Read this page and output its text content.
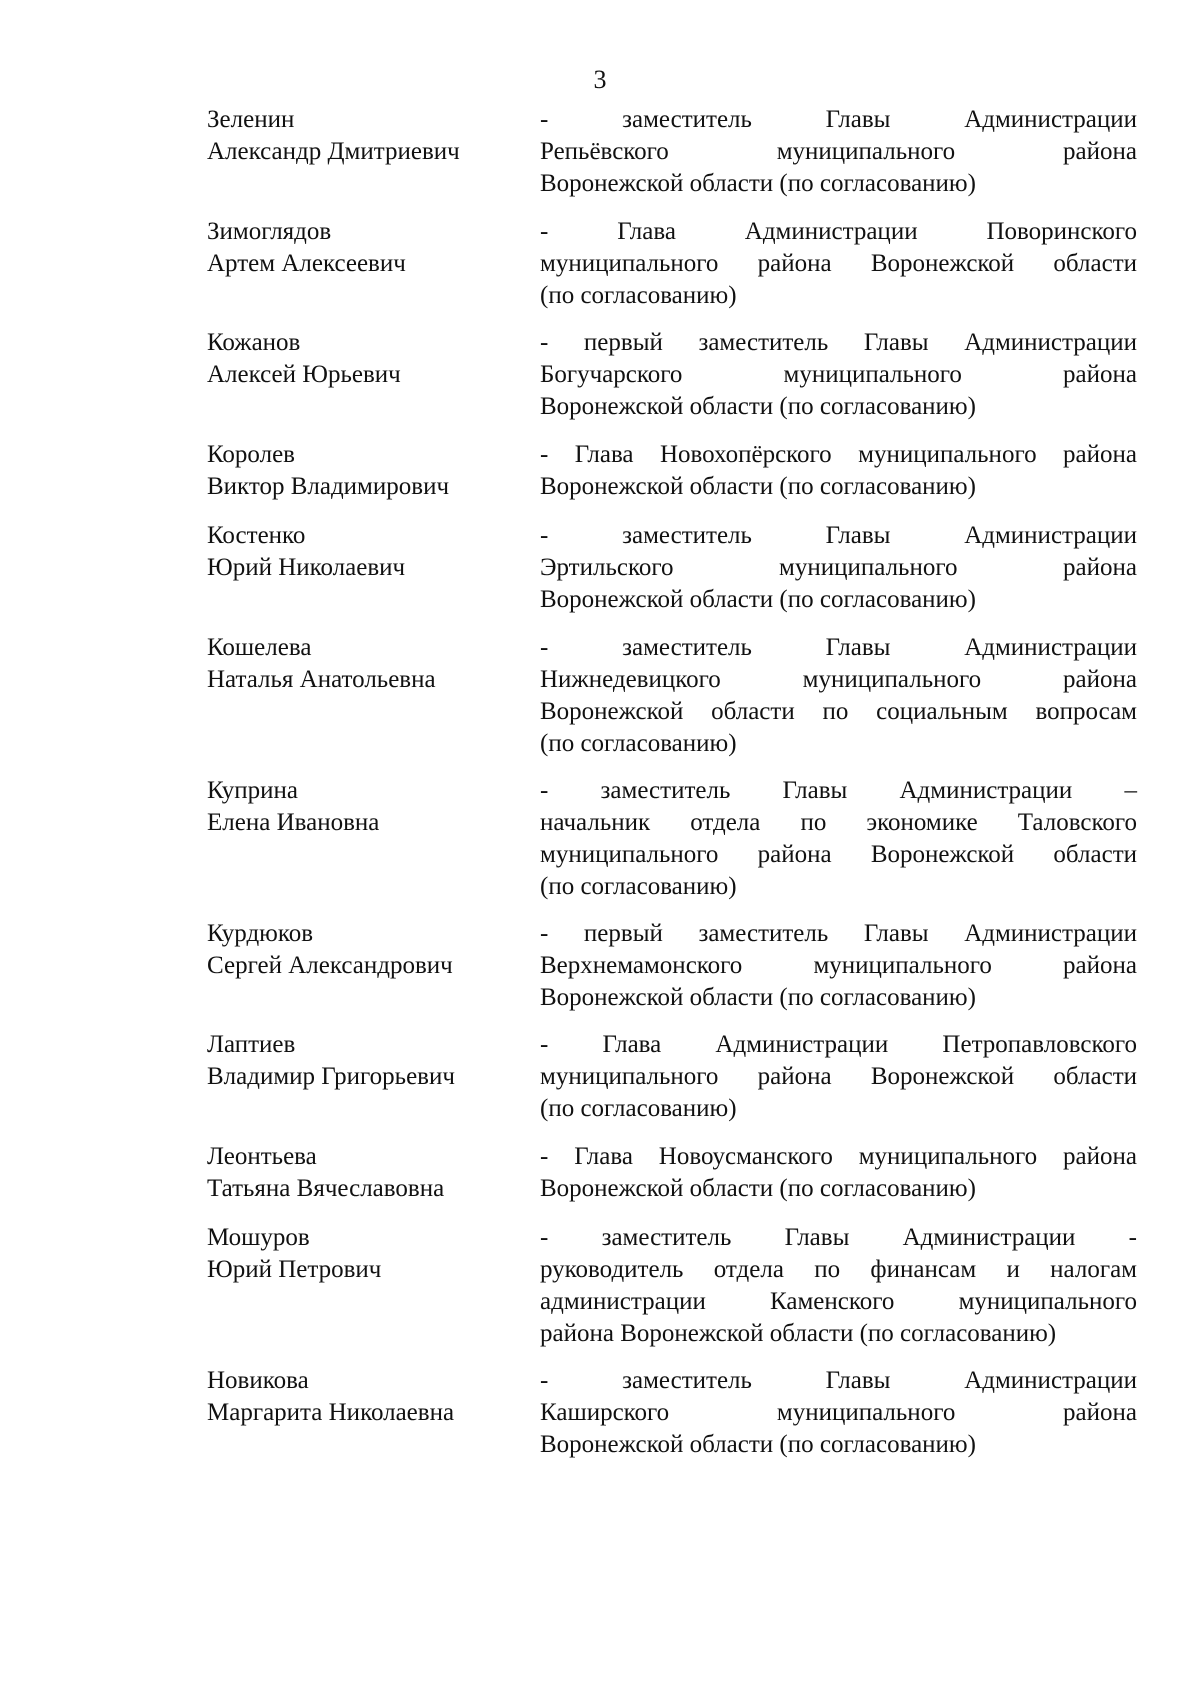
3
Зеленин
Александр Дмитриевич
- заместитель Главы Администрации
Репьёвского муниципального района
Воронежской области (по согласованию)
Зимоглядов
Артем Алексеевич
- Глава Администрации Поворинского
муниципального района Воронежской области
(по согласованию)
Кожанов
Алексей Юрьевич
- первый заместитель Главы Администрации
Богучарского муниципального района
Воронежской области (по согласованию)
Королев
Виктор Владимирович
- Глава Новохопёрского муниципального района
Воронежской области (по согласованию)
Костенко
Юрий Николаевич
- заместитель Главы Администрации
Эртильского муниципального района
Воронежской области (по согласованию)
Кошелева
Наталья Анатольевна
- заместитель Главы Администрации
Нижнедевицкого муниципального района
Воронежской области по социальным вопросам
(по согласованию)
Куприна
Елена Ивановна
- заместитель Главы Администрации –
начальник отдела по экономике Таловского
муниципального района Воронежской области
(по согласованию)
Курдюков
Сергей Александрович
- первый заместитель Главы Администрации
Верхнемамонского муниципального района
Воронежской области (по согласованию)
Лаптиев
Владимир Григорьевич
- Глава Администрации Петропавловского
муниципального района Воронежской области
(по согласованию)
Леонтьева
Татьяна Вячеславовна
- Глава Новоусманского муниципального района
Воронежской области (по согласованию)
Мошуров
Юрий Петрович
- заместитель Главы Администрации -
руководитель отдела по финансам и налогам
администрации Каменского муниципального
района Воронежской области (по согласованию)
Новикова
Маргарита Николаевна
- заместитель Главы Администрации
Каширского муниципального района
Воронежской области (по согласованию)
